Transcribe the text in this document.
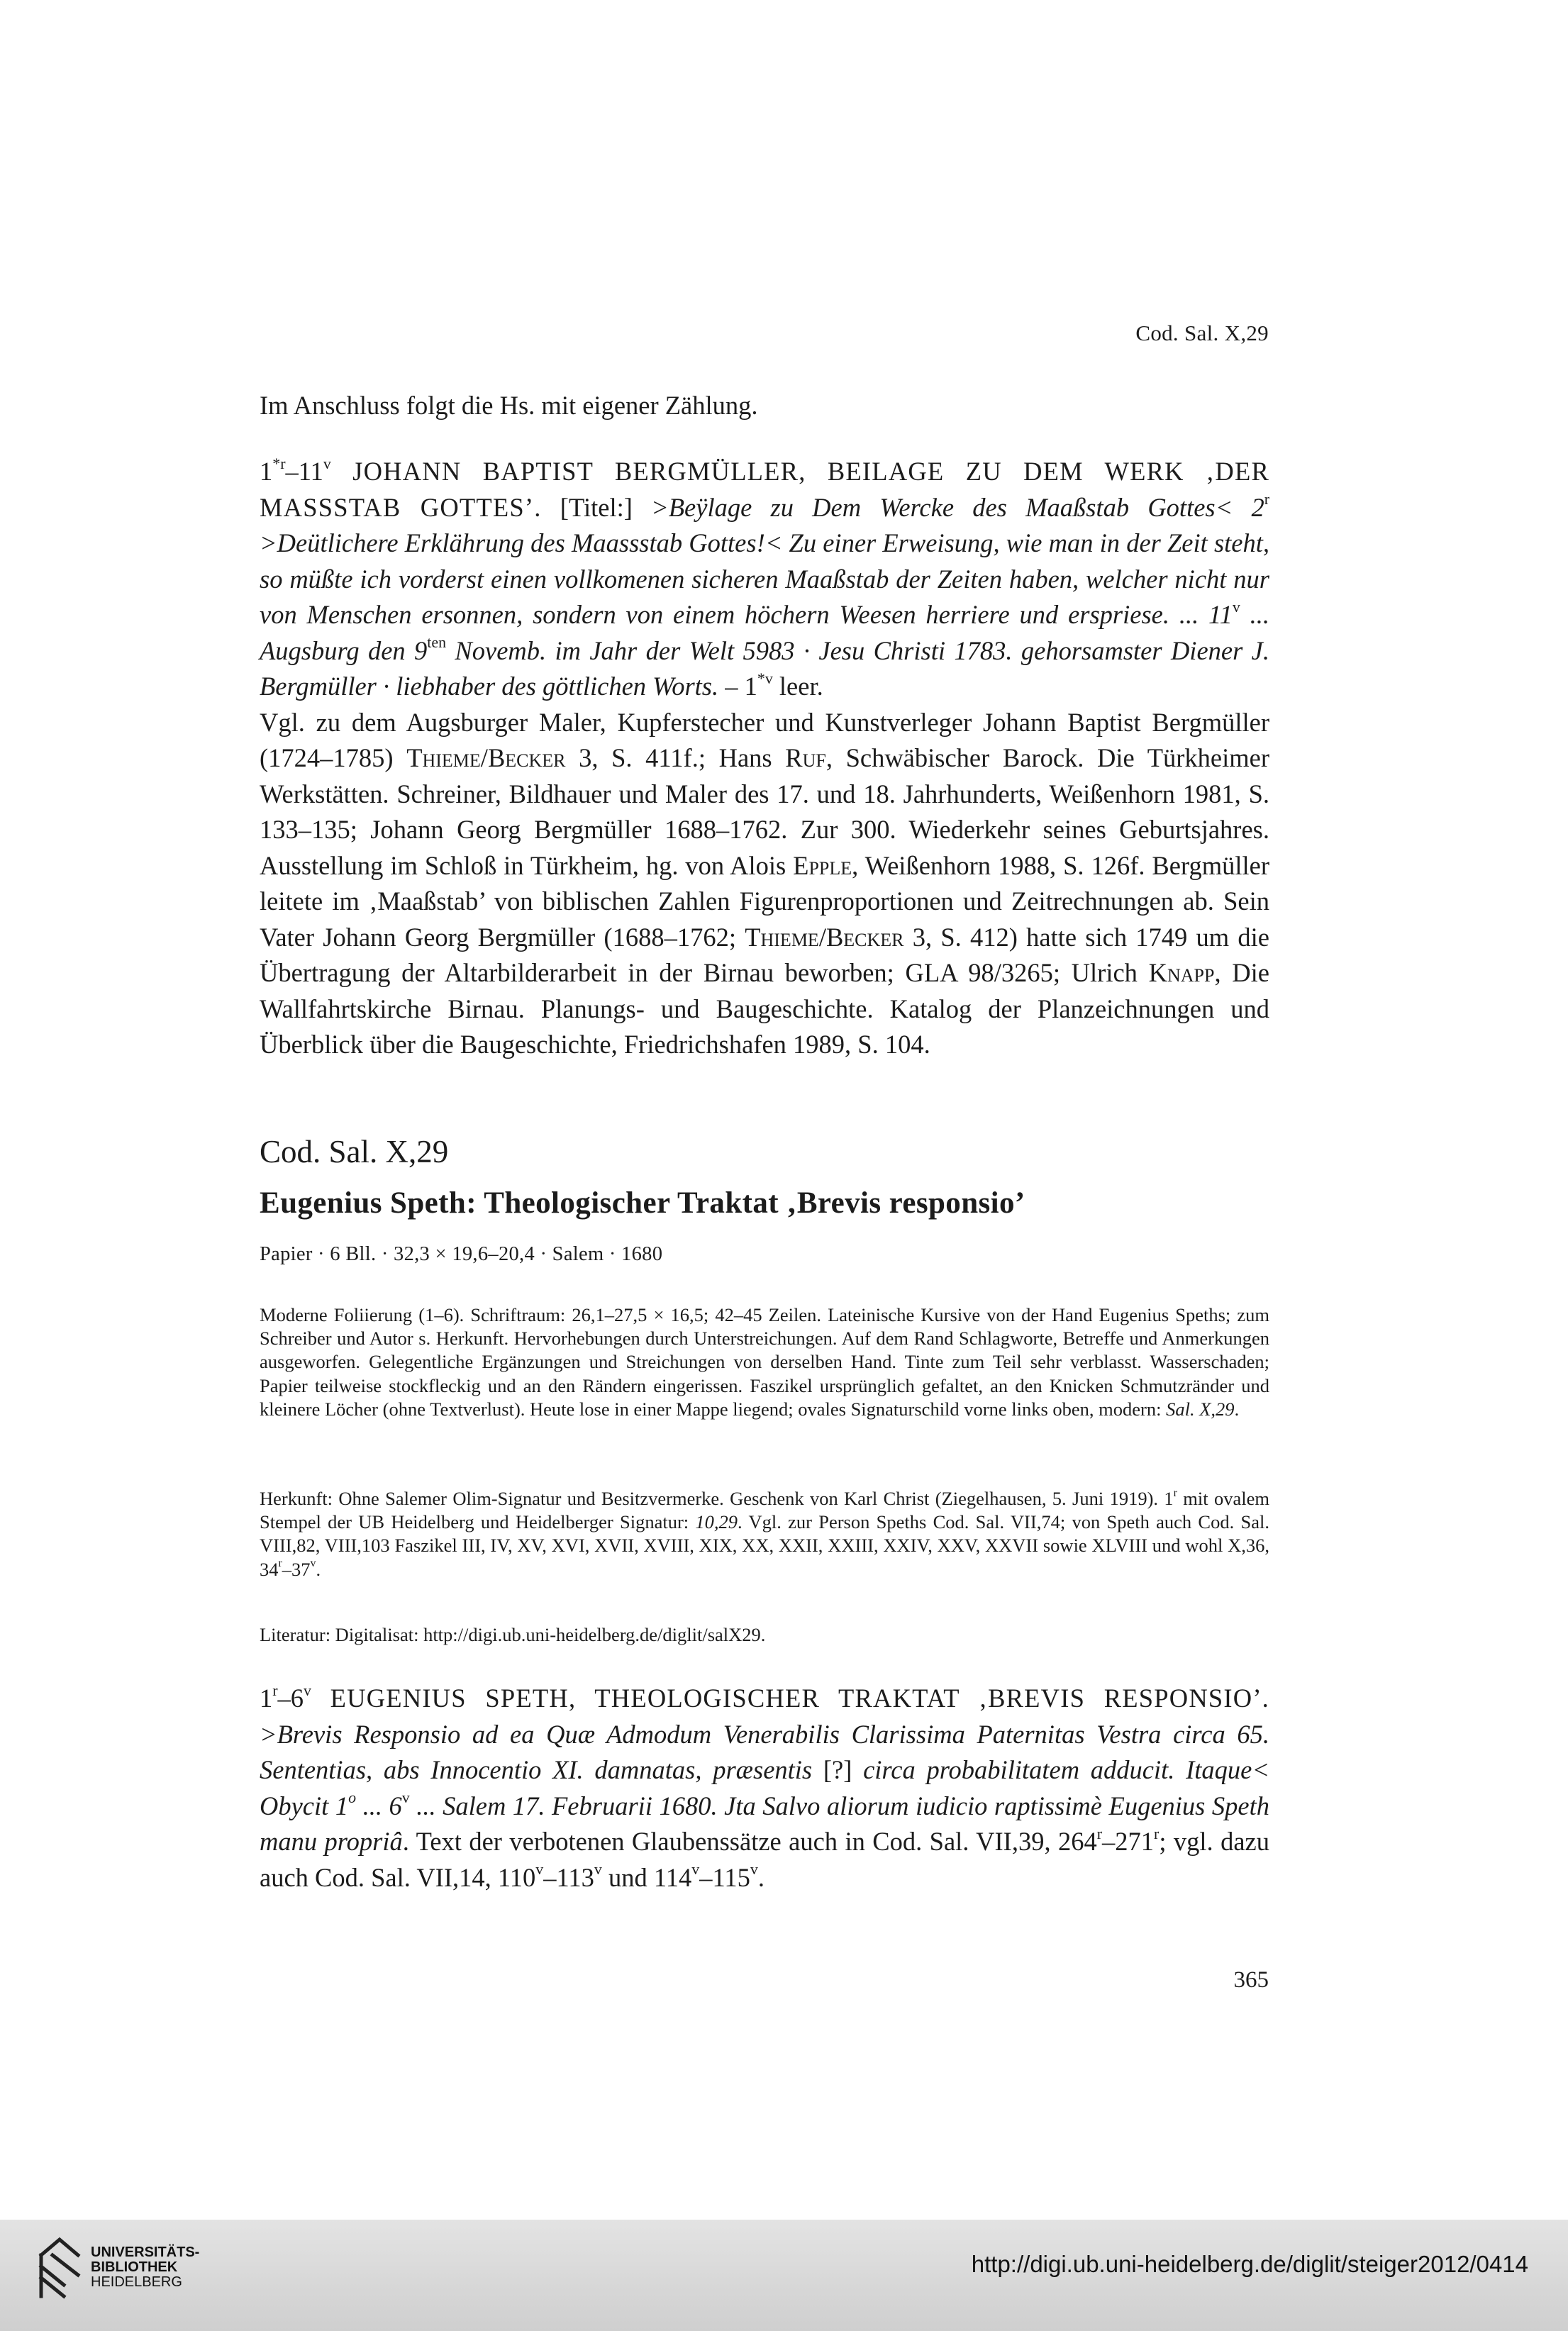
Cod. Sal. X,29

Im Anschluss folgt die Hs. mit eigener Zählung.

1$^{*r}$–11$^v$ JOHANN BAPTIST BERGMÜLLER, BEILAGE ZU DEM WERK ‚DER MASSSTAB GOTTES’. [Titel:] >Beÿlage zu Dem Wercke des Maaßstab Gottes< $2^r$ >Deütlichere Erklährung des Maassstab Gottes!< Zu einer Erweisung, wie man in der Zeit steht, so müßte ich vorderst einen vollkomenen sicheren Maaßstab der Zeiten haben, welcher nicht nur von Menschen ersonnen, sondern von einem höchern Weesen herriere und erspriese. ... 11$^v$ ... Augsburg den $9^{ten}$ Novemb. im Jahr der Welt 5983 · Jesu Christi 1783. gehorsamster Diener J. Bergmüller · liebhaber des göttlichen Worts. – 1$^{*v}$ leer.

Vgl. zu dem Augsburger Maler, Kupferstecher und Kunstverleger Johann Baptist Bergmüller (1724–1785) Thieme/Becker 3, S. 411f.; Hans Ruf, Schwäbischer Barock. Die Türkheimer Werkstätten. Schreiner, Bildhauer und Maler des 17. und 18. Jahrhunderts, Weißenhorn 1981, S. 133–135; Johann Georg Bergmüller 1688–1762. Zur 300. Wiederkehr seines Geburtsjahres. Ausstellung im Schloß in Türkheim, hg. von Alois Epple, Weißenhorn 1988, S. 126f. Bergmüller leitete im ‚Maaßstab’ von biblischen Zahlen Figurenproportionen und Zeitrechnungen ab. Sein Vater Johann Georg Bergmüller (1688–1762; Thieme/Becker 3, S. 412) hatte sich 1749 um die Übertragung der Altarbilderarbeit in der Birnau beworben; GLA 98/3265; Ulrich Knapp, Die Wallfahrtskirche Birnau. Planungs- und Baugeschichte. Katalog der Planzeichnungen und Überblick über die Baugeschichte, Friedrichshafen 1989, S. 104.

Cod. Sal. X,29
Eugenius Speth: Theologischer Traktat ‚Brevis responsio’
Papier · 6 Bll. · 32,3 × 19,6–20,4 · Salem · 1680

Moderne Foliierung (1–6). Schriftraum: 26,1–27,5 × 16,5; 42–45 Zeilen. Lateinische Kursive von der Hand Eugenius Speths; zum Schreiber und Autor s. Herkunft. Hervorhebungen durch Unterstreichungen. Auf dem Rand Schlagworte, Betreffe und Anmerkungen ausgeworfen. Gelegentliche Ergänzungen und Streichungen von derselben Hand. Tinte zum Teil sehr verblasst. Wasserschaden; Papier teilweise stockfleckig und an den Rändern eingerissen. Faszikel ursprünglich gefaltet, an den Knicken Schmutzränder und kleinere Löcher (ohne Textverlust). Heute lose in einer Mappe liegend; ovales Signaturschild vorne links oben, modern: Sal. X,29.

Herkunft: Ohne Salemer Olim-Signatur und Besitzvermerke. Geschenk von Karl Christ (Ziegelhausen, 5. Juni 1919). 1$^r$ mit ovalem Stempel der UB Heidelberg und Heidelberger Signatur: 10,29. Vgl. zur Person Speths Cod. Sal. VII,74; von Speth auch Cod. Sal. VIII,82, VIII,103 Faszikel III, IV, XV, XVI, XVII, XVIII, XIX, XX, XXII, XXIII, XXIV, XXV, XXVII sowie XLVIII und wohl X,36, 34$^r$–37$^v$.

Literatur: Digitalisat: http://digi.ub.uni-heidelberg.de/diglit/salX29.

1$^r$–6$^v$ EUGENIUS SPETH, THEOLOGISCHER TRAKTAT ‚BREVIS RESPONSIO’. >Brevis Responsio ad ea Quæ Admodum Venerabilis Clarissima Paternitas Vestra circa 65. Sententias, abs Innocentio XI. damnatas, præsentis [?] circa probabilitatem adducit. Itaque< Obycit 1$^o$ ... 6$^v$ ... Salem 17. Februarii 1680. Jta Salvo aliorum iudicio raptissimè Eugenius Speth manu propriâ. Text der verbotenen Glaubenssätze auch in Cod. Sal. VII,39, 264$^r$–271$^r$; vgl. dazu auch Cod. Sal. VII,14, 110$^v$–113$^v$ und 114$^v$–115$^v$.

365
UNIVERSITÄTS-
BIBLIOTHEK
HEIDELBERG
http://digi.ub.uni-heidelberg.de/diglit/steiger2012/0414
